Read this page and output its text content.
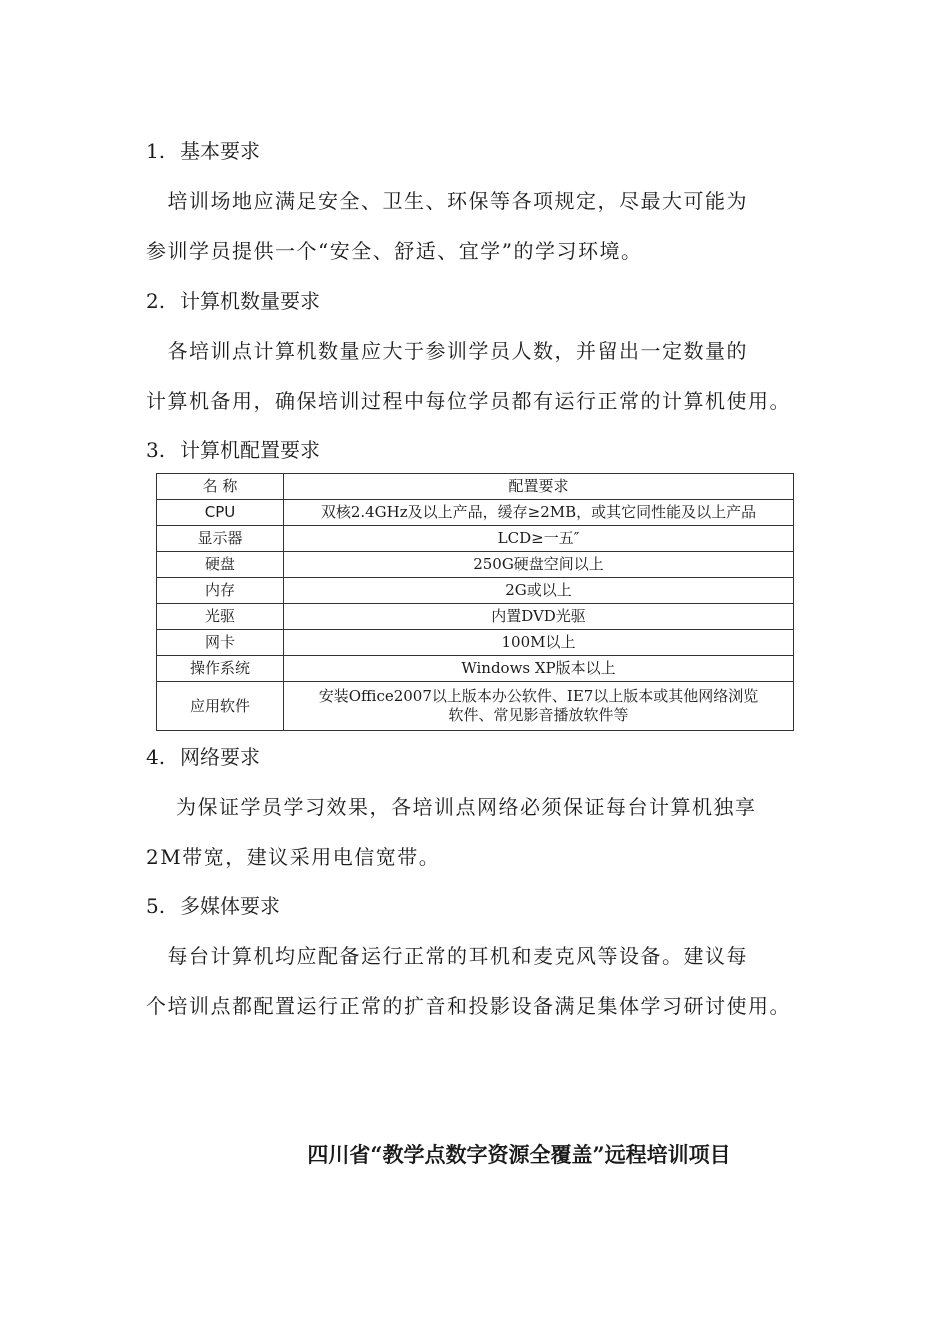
1. 基本要求
　培训场地应满足安全、卫生、环保等各项规定，尽最大可能为
参训学员提供一个“安全、舒适、宜学”的学习环境。
2. 计算机数量要求
　各培训点计算机数量应大于参训学员人数，并留出一定数量的
计算机备用，确保培训过程中每位学员都有运行正常的计算机使用。
3. 计算机配置要求
名 称	配置要求
CPU	双核2.4GHz及以上产品，缓存≥2MB，或其它同性能及以上产品
显示器	LCD≥一五″
硬盘	250G硬盘空间以上
内存	2G或以上
光驱	内置DVD光驱
网卡	100M以上
操作系统	Windows XP版本以上
应用软件	安装Office2007以上版本办公软件、IE7以上版本或其他网络浏览
软件、常见影音播放软件等
4. 网络要求
为保证学员学习效果，各培训点网络必须保证每台计算机独享
2M带宽，建议采用电信宽带。
5. 多媒体要求
　每台计算机均应配备运行正常的耳机和麦克风等设备。建议每
个培训点都配置运行正常的扩音和投影设备满足集体学习研讨使用。
四川省“教学点数字资源全覆盖”远程培训项目
